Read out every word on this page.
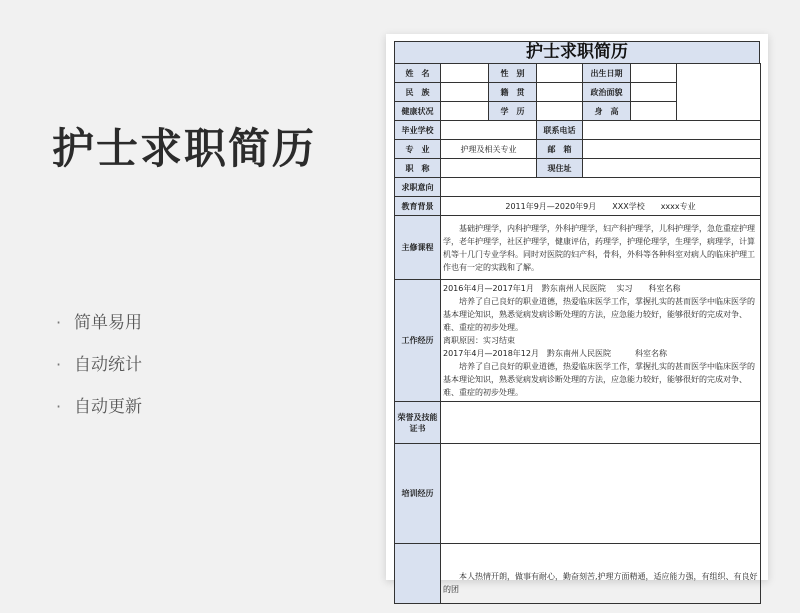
护士求职简历
· 简单易用
· 自动统计
· 自动更新
护士求职简历
姓　名		性　别		出生日期		
民　族		籍　贯		政治面貌		
健康状况		学　历		身　高		
毕业学校			联系电话			
专　业	护理及相关专业		邮　箱			
职　称			现住址			
求职意向						
教育背景	2011年9月—2020年9月　　XXX学校　　xxxx专业					
主修课程	基础护理学，内科护理学，外科护理学，妇产科护理学，儿科护理学，急危重症护理学，老年护理学，社区护理学，健康评估，药理学，护理伦理学，生理学，病理学，计算机等十几门专业学科。同时对医院的妇产科，骨科，外科等各种科室对病人的临床护理工作也有一定的实践和了解。					

工作经历	2016年4月—2017年1月　黔东南州人民医院　 实习　　科室名称

培养了自己良好的职业道德，热爱临床医学工作，掌握扎实的甚而医学中临床医学的基本理论知识，熟悉觉病发病诊断处理的方法，应急能力较好，能够很好的完成对争、难、重症的初步处理。

离职原因：实习结束

2017年4月—2018年12月　黔东南州人民医院　　　科室名称

培养了自己良好的职业道德，热爱临床医学工作，掌握扎实的甚而医学中临床医学的基本理论知识，熟悉觉病发病诊断处理的方法，应急能力较好，能够很好的完成对争、难、重症的初步处理。					

荣誉及技能证书						
培训经历						

	本人热情开朗，做事有耐心，勤奋刻苦,护理方面精通，适应能力强，有组织、有良好的团					
